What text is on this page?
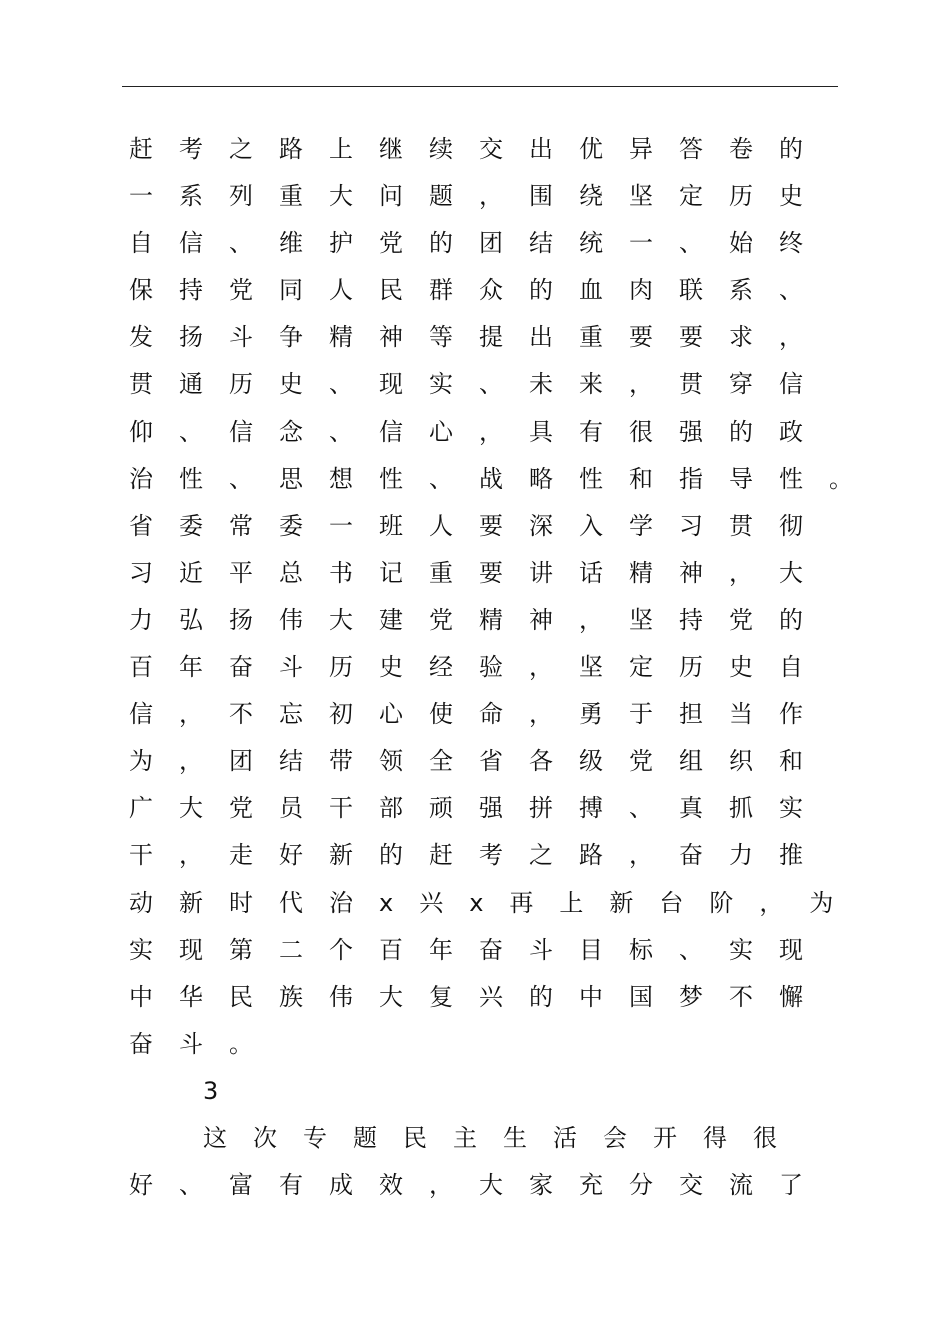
赶考之路上继续交出优异答卷的
一系列重大问题，围绕坚定历史
自信、维护党的团结统一、始终
保持党同人民群众的血肉联系、
发扬斗争精神等提出重要要求，
贯通历史、现实、未来，贯穿信
仰、信念、信心，具有很强的政
治性、思想性、战略性和指导性。
省委常委一班人要深入学习贯彻
习近平总书记重要讲话精神，大
力弘扬伟大建党精神，坚持党的
百年奋斗历史经验，坚定历史自
信，不忘初心使命，勇于担当作
为，团结带领全省各级党组织和
广大党员干部顽强拼搏、真抓实
干，走好新的赶考之路，奋力推
动新时代治x兴x再上新台阶，为
实现第二个百年奋斗目标、实现
中华民族伟大复兴的中国梦不懈
奋斗。
3
这次专题民主生活会开得很
好、富有成效，大家充分交流了
